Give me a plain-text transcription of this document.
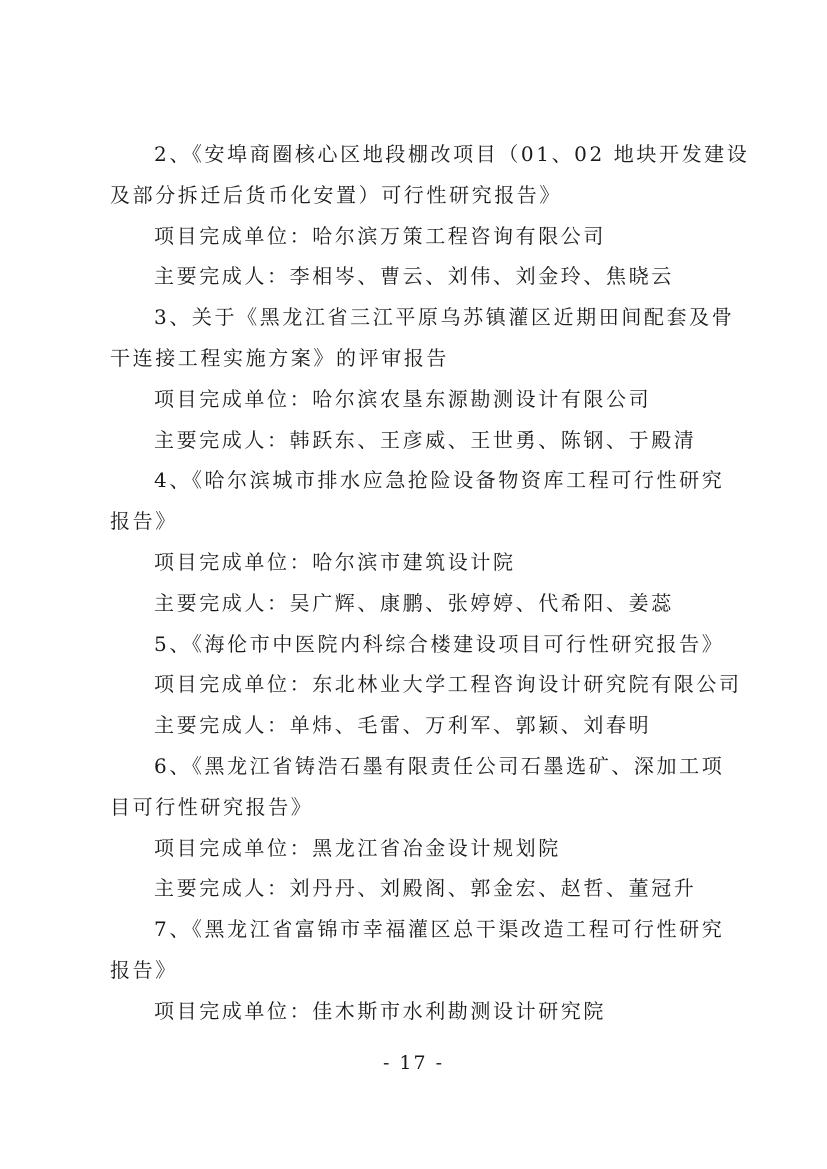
2、《安埠商圈核心区地段棚改项目（01、02 地块开发建设
及部分拆迁后货币化安置）可行性研究报告》
项目完成单位：哈尔滨万策工程咨询有限公司
主要完成人：李相岑、曹云、刘伟、刘金玲、焦晓云
3、关于《黑龙江省三江平原乌苏镇灌区近期田间配套及骨
干连接工程实施方案》的评审报告
项目完成单位：哈尔滨农垦东源勘测设计有限公司
主要完成人：韩跃东、王彦威、王世勇、陈钢、于殿清
4、《哈尔滨城市排水应急抢险设备物资库工程可行性研究
报告》
项目完成单位：哈尔滨市建筑设计院
主要完成人：吴广辉、康鹏、张婷婷、代希阳、姜蕊
5、《海伦市中医院内科综合楼建设项目可行性研究报告》
项目完成单位：东北林业大学工程咨询设计研究院有限公司
主要完成人：单炜、毛雷、万利军、郭颖、刘春明
6、《黑龙江省铸浩石墨有限责任公司石墨选矿、深加工项
目可行性研究报告》
项目完成单位：黑龙江省冶金设计规划院
主要完成人：刘丹丹、刘殿阁、郭金宏、赵哲、董冠升
7、《黑龙江省富锦市幸福灌区总干渠改造工程可行性研究
报告》
项目完成单位：佳木斯市水利勘测设计研究院
- 17 -
